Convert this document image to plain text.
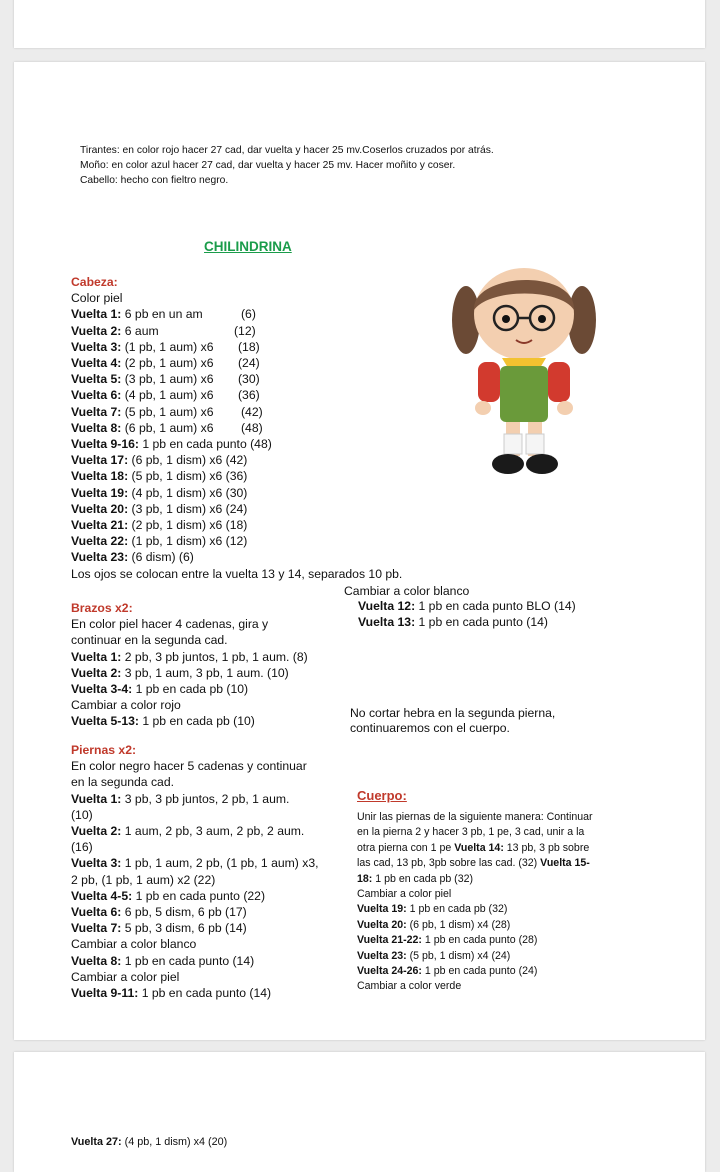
Tirantes: en color rojo hacer 27 cad, dar vuelta y hacer 25 mv.Coserlos cruzados por atrás.
Moño: en color azul hacer 27 cad, dar vuelta y hacer 25 mv. Hacer moñito y coser.
Cabello: hecho con fieltro negro.
CHILINDRINA
Cabeza:
Color piel
Vuelta 1: 6 pb en un am	(6)
Vuelta 2: 6 aum	(12)
Vuelta 3: (1 pb, 1 aum) x6 (18)
Vuelta 4: (2 pb, 1 aum) x6 (24)
Vuelta 5: (3 pb, 1 aum) x6 (30)
Vuelta 6: (4 pb, 1 aum) x6 (36)
Vuelta 7: (5 pb, 1 aum) x6 (42)
Vuelta 8: (6 pb, 1 aum) x6 (48)
Vuelta 9-16: 1 pb en cada punto (48)
Vuelta 17: (6 pb, 1 dism) x6 (42)
Vuelta 18: (5 pb, 1 dism) x6 (36)
Vuelta 19: (4 pb, 1 dism) x6 (30)
Vuelta 20: (3 pb, 1 dism) x6 (24)
Vuelta 21: (2 pb, 1 dism) x6 (18)
Vuelta 22: (1 pb, 1 dism) x6 (12)
Vuelta 23: (6 dism) (6)
Los ojos se colocan entre la vuelta 13 y 14, separados 10 pb.
Cambiar a color blanco
Vuelta 12: 1 pb en cada punto BLO (14)
Vuelta 13: 1 pb en cada punto (14)
Brazos x2:
En color piel hacer 4 cadenas, gira y
continuar en la segunda cad.
Vuelta 1: 2 pb, 3 pb juntos, 1 pb, 1 aum. (8)
Vuelta 2: 3 pb, 1 aum, 3 pb, 1 aum. (10)
Vuelta 3-4: 1 pb en cada pb (10)
Cambiar a color rojo
Vuelta 5-13: 1 pb en cada pb (10)
No cortar hebra en la segunda pierna,
continuaremos con el cuerpo.
Piernas x2:
En color negro hacer 5 cadenas y continuar
en la segunda cad.
Vuelta 1: 3 pb, 3 pb juntos, 2 pb, 1 aum.
(10)
Vuelta 2: 1 aum, 2 pb, 3 aum, 2 pb, 2 aum.
(16)
Vuelta 3: 1 pb, 1 aum, 2 pb, (1 pb, 1 aum) x3,
2 pb, (1 pb, 1 aum) x2 (22)
Vuelta 4-5: 1 pb en cada punto (22)
Vuelta 6: 6 pb, 5 dism, 6 pb (17)
Vuelta 7: 5 pb, 3 dism, 6 pb (14)
Cambiar a color blanco
Vuelta 8: 1 pb en cada punto (14)
Cambiar a color piel
Vuelta 9-11: 1 pb en cada punto (14)
Cuerpo:
Unir las piernas de la siguiente manera: Continuar
en la pierna 2 y hacer 3 pb, 1 pe, 3 cad, unir a la
otra pierna con 1 pe Vuelta 14: 13 pb, 3 pb sobre
las cad, 13 pb, 3pb sobre las cad. (32) Vuelta 15-
18: 1 pb en cada pb (32)
Cambiar a color piel
Vuelta 19: 1 pb en cada pb (32)
Vuelta 20: (6 pb, 1 dism) x4 (28)
Vuelta 21-22: 1 pb en cada punto (28)
Vuelta 23: (5 pb, 1 dism) x4 (24)
Vuelta 24-26: 1 pb en cada punto (24)
Cambiar a color verde
Vuelta 27: (4 pb, 1 dism) x4 (20)
